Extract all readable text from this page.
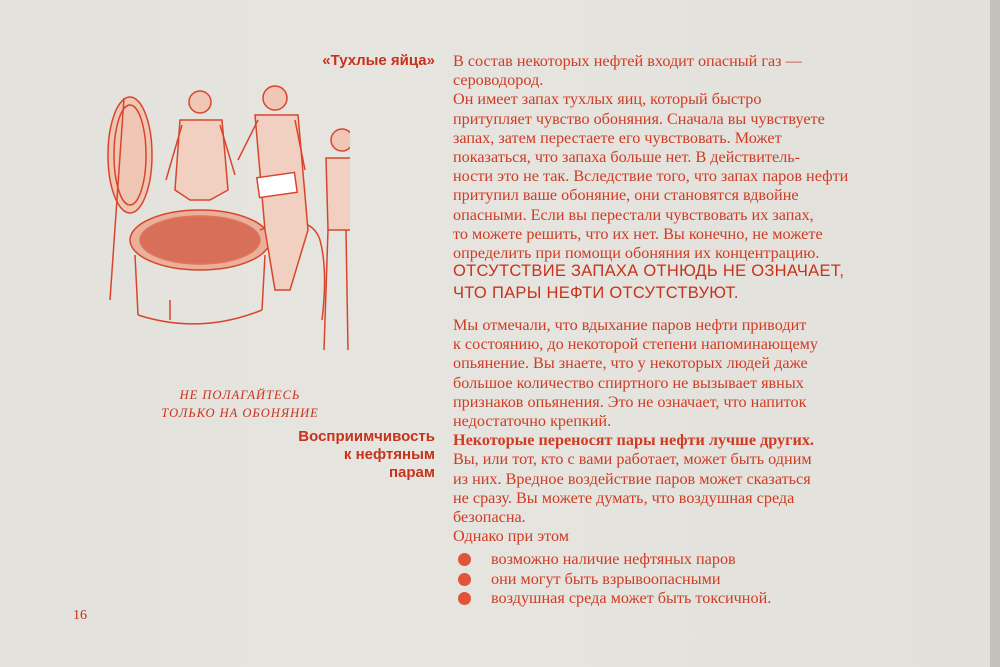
«Тухлые яйца»
НЕ ПОЛАГАЙТЕСЬ
ТОЛЬКО НА ОБОНЯНИЕ
Восприимчивость
к нефтяным
парам

В состав некоторых нефтей входит опасный газ —

сероводород.

Он имеет запах тухлых яиц, который быстро

притупляет чувство обоняния. Сначала вы чувствуете

запах, затем перестаете его чувствовать. Может

показаться, что запаха больше нет. В действитель-

ности это не так. Вследствие того, что запах паров нефти

притупил ваше обоняние, они становятся вдвойне

опасными. Если вы перестали чувствовать их запах,

то можете решить, что их нет. Вы конечно, не можете

определить при помощи обоняния их концентрацию.

ОТСУТСТВИЕ ЗАПАХА ОТНЮДЬ НЕ ОЗНАЧАЕТ,
ЧТО ПАРЫ НЕФТИ ОТСУТСТВУЮТ.

Мы отмечали, что вдыхание паров нефти приводит

к состоянию, до некоторой степени напоминающему

опьянение. Вы знаете, что у некоторых людей даже

большое количество спиртного не вызывает явных

признаков опьянения. Это не означает, что напиток

недостаточно крепкий.

Некоторые переносят пары нефти лучше других.

Вы, или тот, кто с вами работает, может быть одним

из них. Вредное воздействие паров может сказаться

не сразу. Вы можете думать, что воздушная среда

безопасна.

Однако при этом

возможно наличие нефтяных паров
они могут быть взрывоопасными
воздушная среда может быть токсичной.
16
